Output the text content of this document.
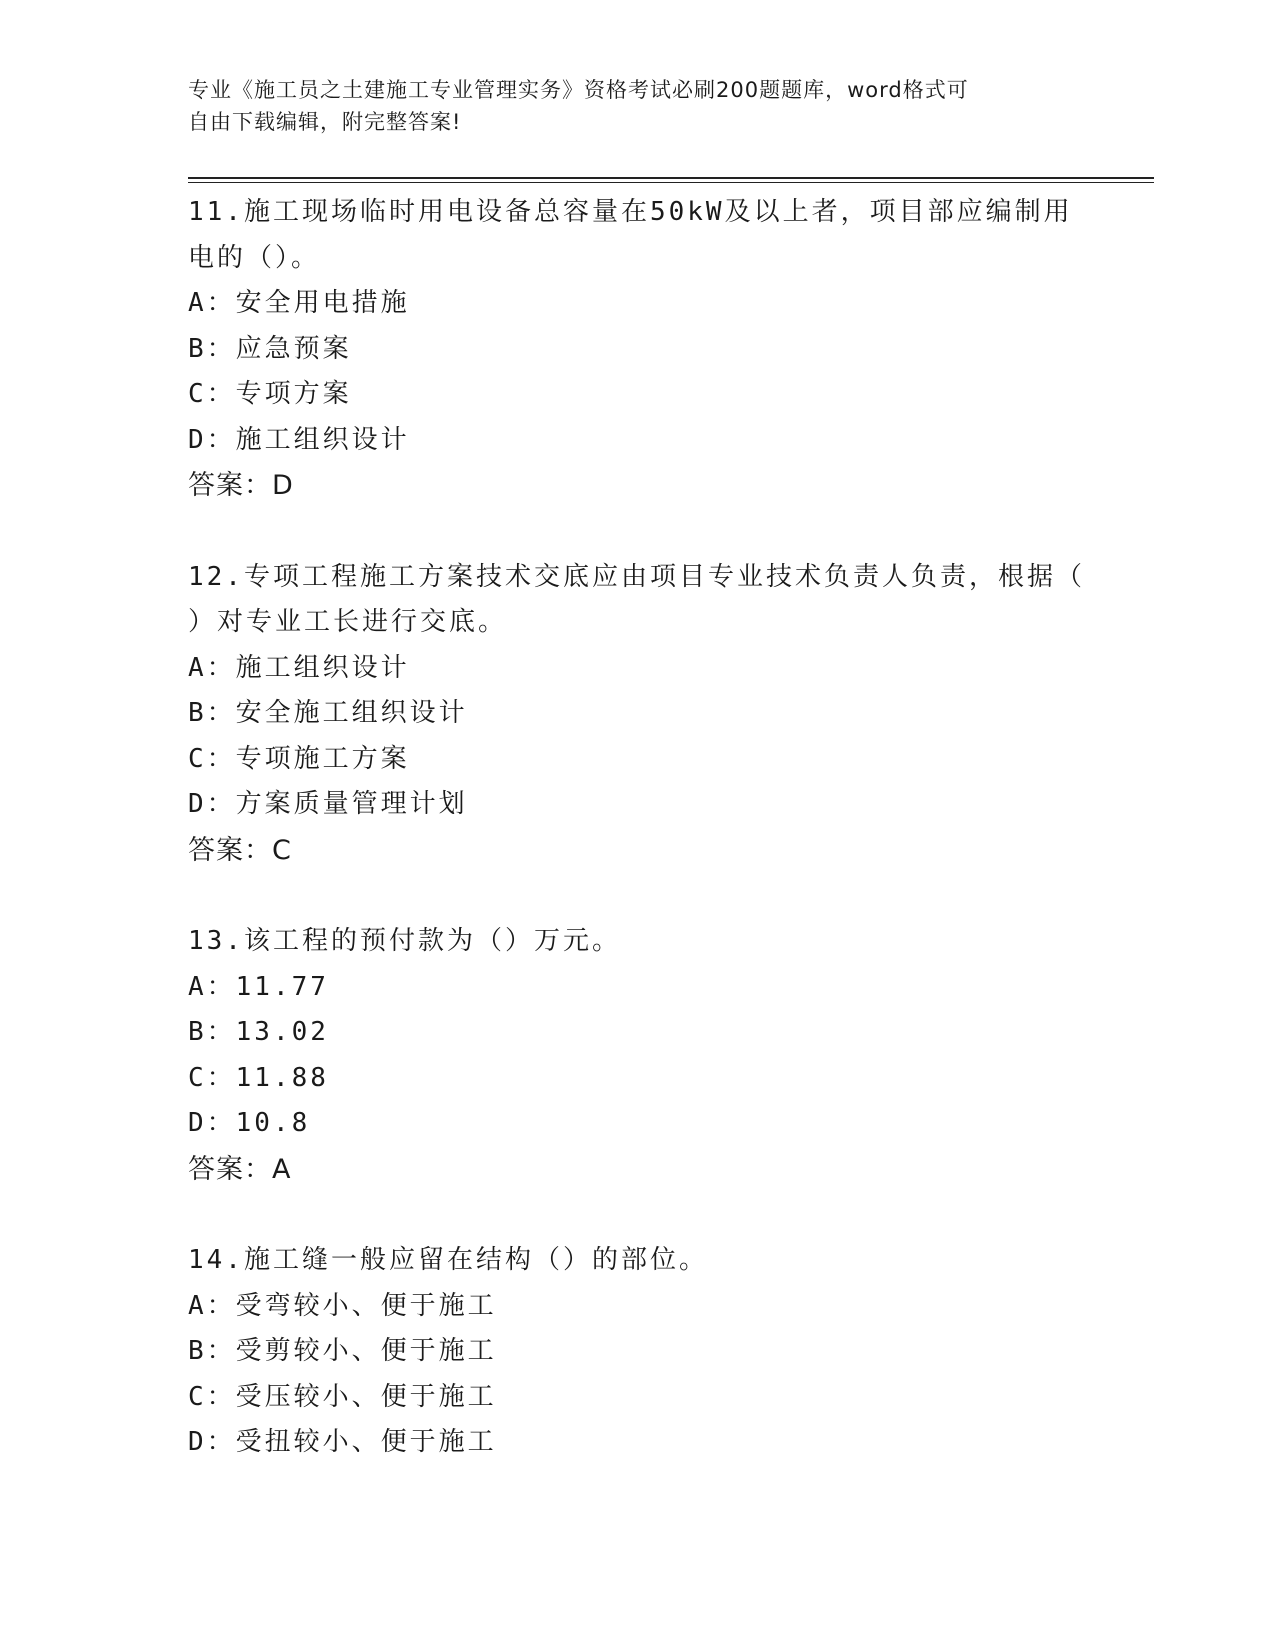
专业《施工员之土建施工专业管理实务》资格考试必刷200题题库，word格式可
自由下载编辑，附完整答案!
11.施工现场临时用电设备总容量在50kW及以上者，项目部应编制用
电的（）。
A：安全用电措施
B：应急预案
C：专项方案
D：施工组织设计
答案：D
12.专项工程施工方案技术交底应由项目专业技术负责人负责，根据（
）对专业工长进行交底。
A：施工组织设计
B：安全施工组织设计
C：专项施工方案
D：方案质量管理计划
答案：C
13.该工程的预付款为（）万元。
A：11.77
B：13.02
C：11.88
D：10.8
答案：A
14.施工缝一般应留在结构（）的部位。
A：受弯较小、便于施工
B：受剪较小、便于施工
C：受压较小、便于施工
D：受扭较小、便于施工
